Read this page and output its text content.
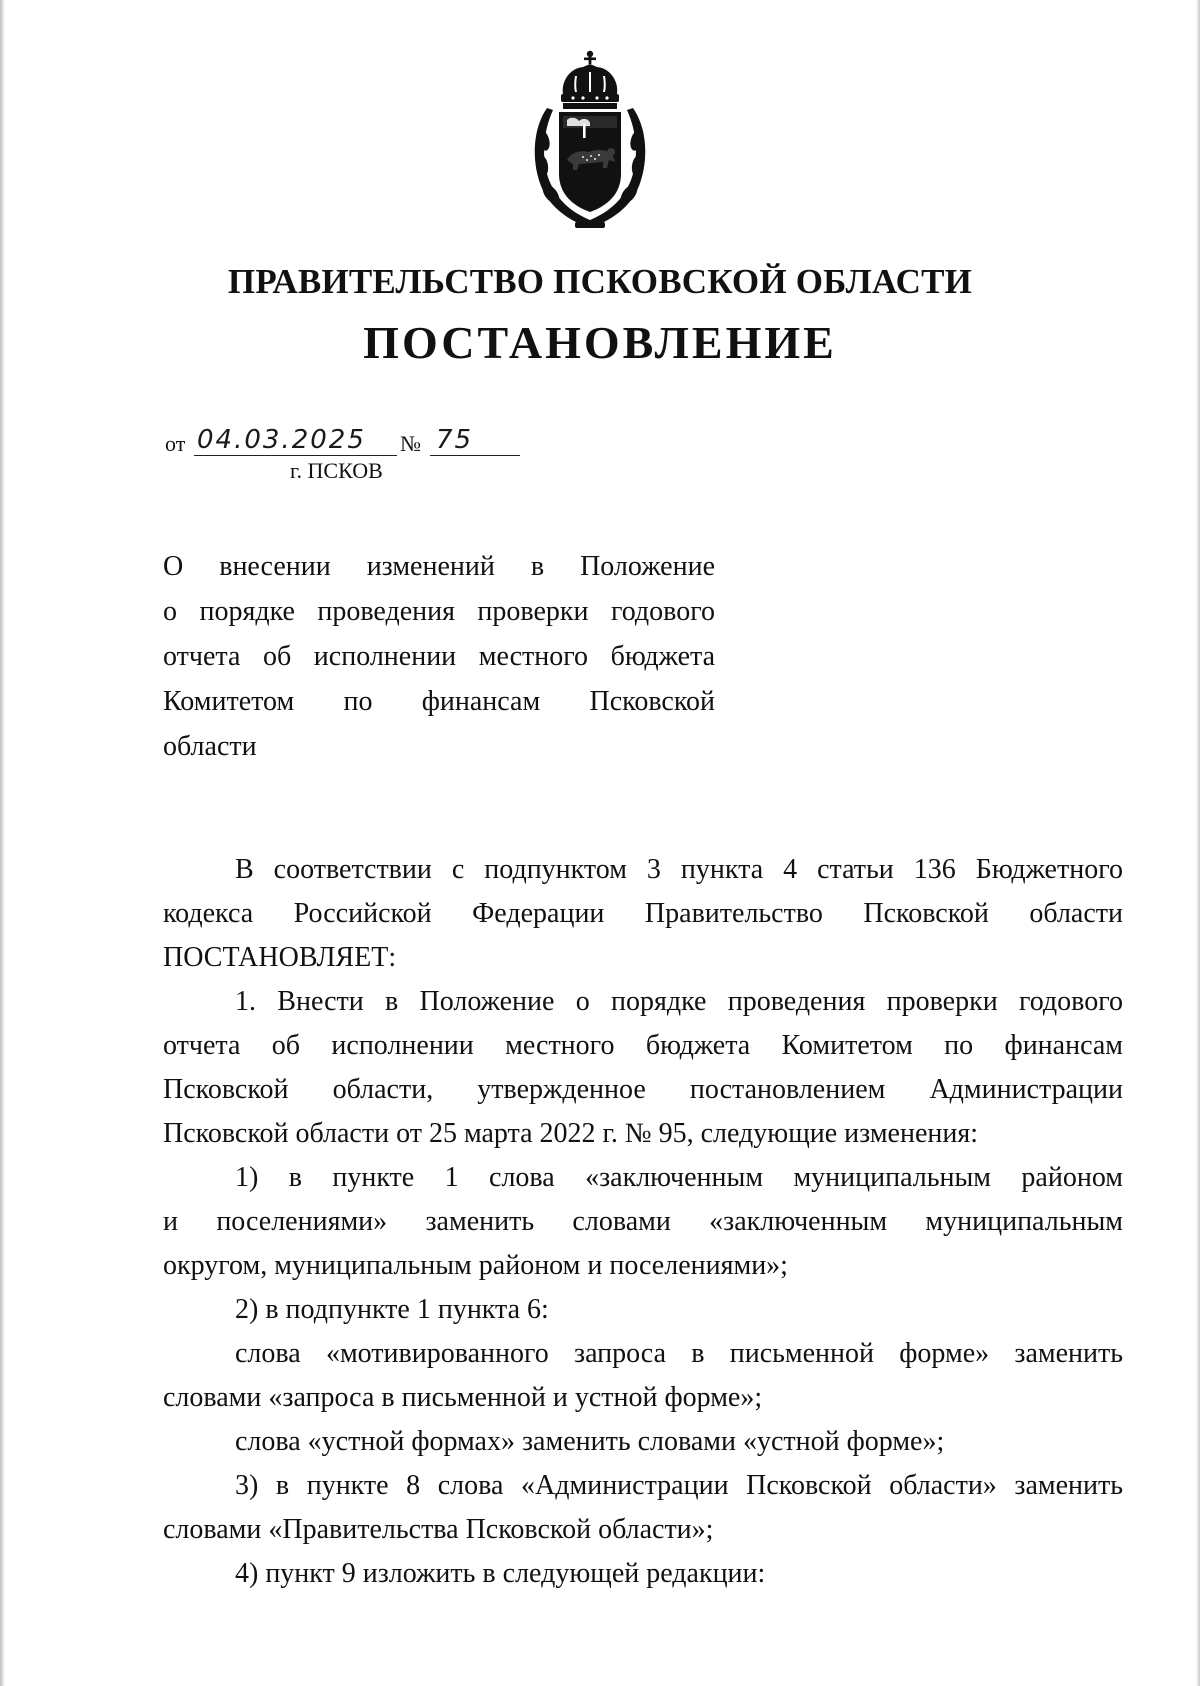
ПРАВИТЕЛЬСТВО ПСКОВСКОЙ ОБЛАСТИ
ПОСТАНОВЛЕНИЕ
от 04.03.2025	№ 75
г. ПСКОВ
О внесении изменений в Положение
о порядке проведения проверки годового
отчета об исполнении местного бюджета
Комитетом по финансам Псковской
области
В соответствии с подпунктом 3 пункта 4 статьи 136 Бюджетного
кодекса Российской Федерации Правительство Псковской области
ПОСТАНОВЛЯЕТ:
1. Внести в Положение о порядке проведения проверки годового
отчета об исполнении местного бюджета Комитетом по финансам
Псковской области, утвержденное постановлением Администрации
Псковской области от 25 марта 2022 г. № 95, следующие изменения:
1) в пункте 1 слова «заключенным муниципальным районом
и поселениями» заменить словами «заключенным муниципальным
округом, муниципальным районом и поселениями»;
2) в подпункте 1 пункта 6:
слова «мотивированного запроса в письменной форме» заменить
словами «запроса в письменной и устной форме»;
слова «устной формах» заменить словами «устной форме»;
3) в пункте 8 слова «Администрации Псковской области» заменить
словами «Правительства Псковской области»;
4) пункт 9 изложить в следующей редакции:
